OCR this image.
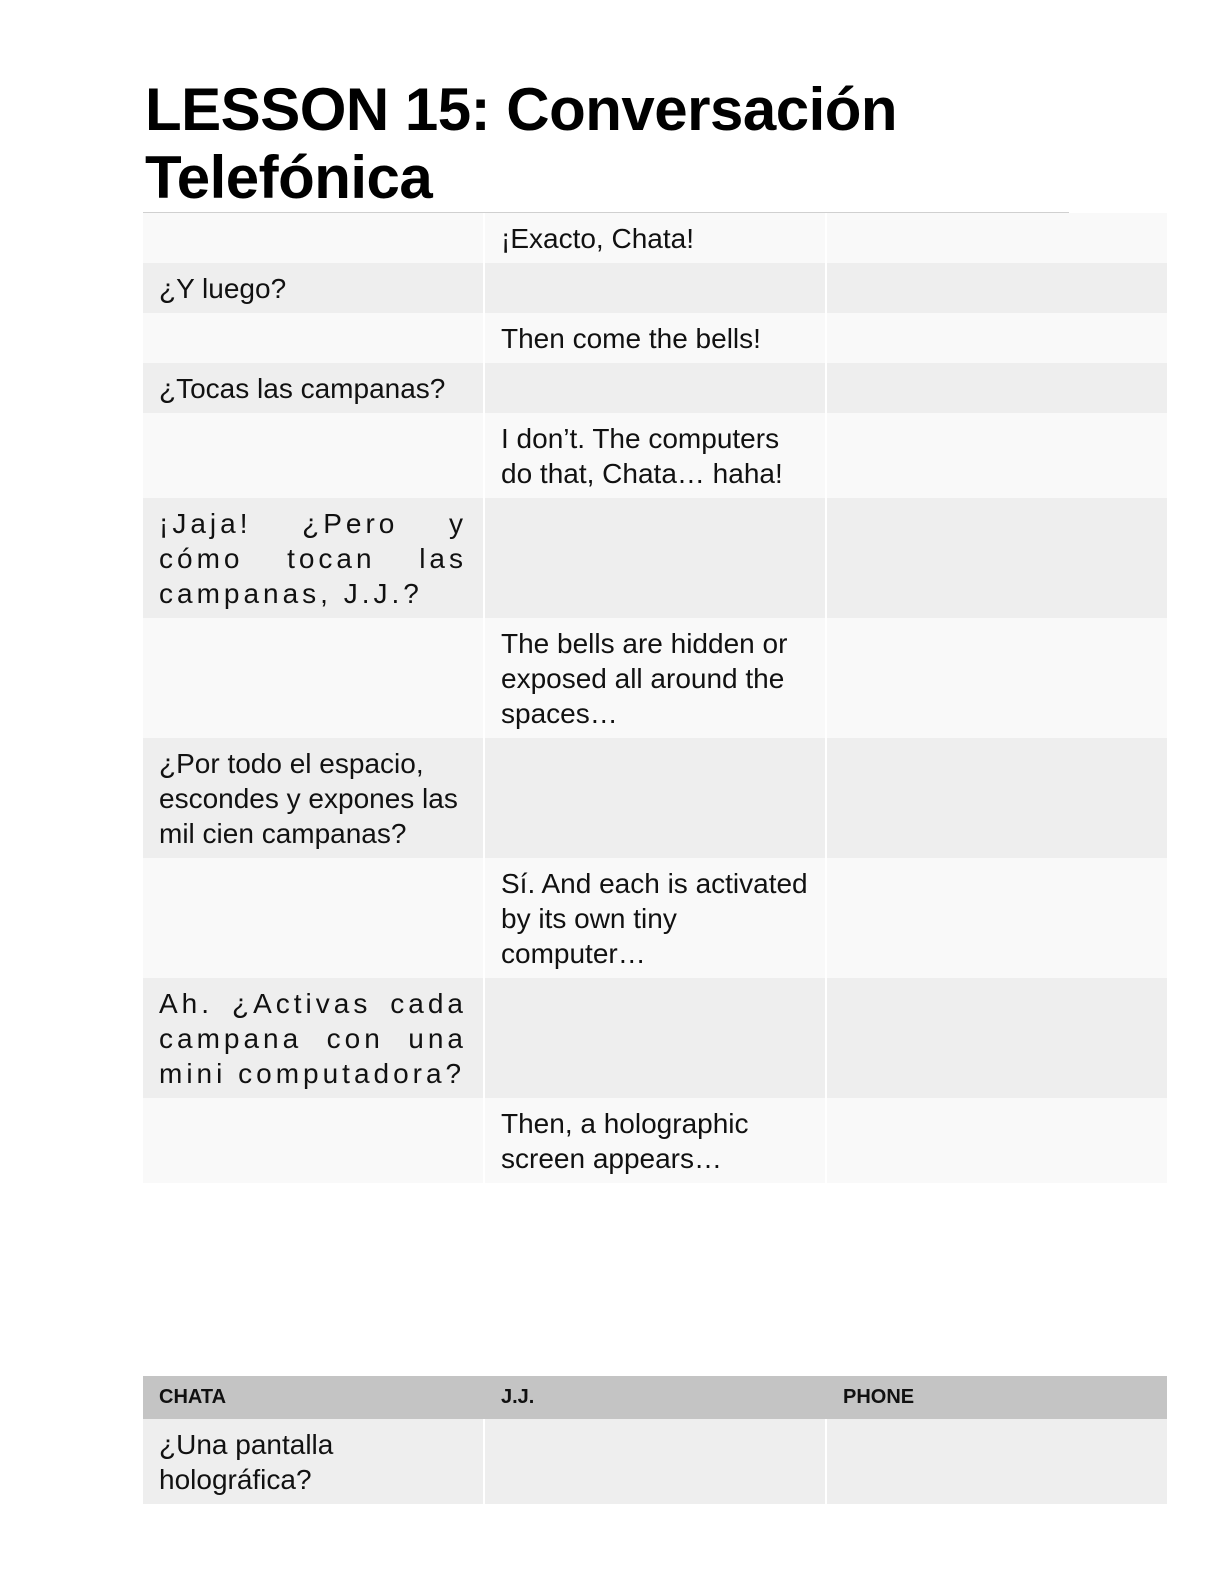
LESSON 15: Conversación Telefónica
	¡Exacto, Chata!	
¿Y luego?		
	Then come the bells!	
¿Tocas las campanas?		
	I don’t. The computers do that, Chata… haha!	
¡Jaja! ¿Pero y cómo tocan las campanas, J.J.?		
	The bells are hidden or exposed all around the spaces…	
¿Por todo el espacio, escondes y expones las mil cien campanas?		
	Sí. And each is activated by its own tiny computer…	
Ah. ¿Activas cada campana con una mini computadora?		
	Then, a holographic screen appears…	
CHATA	J.J.	PHONE
¿Una pantalla holográfica?		
